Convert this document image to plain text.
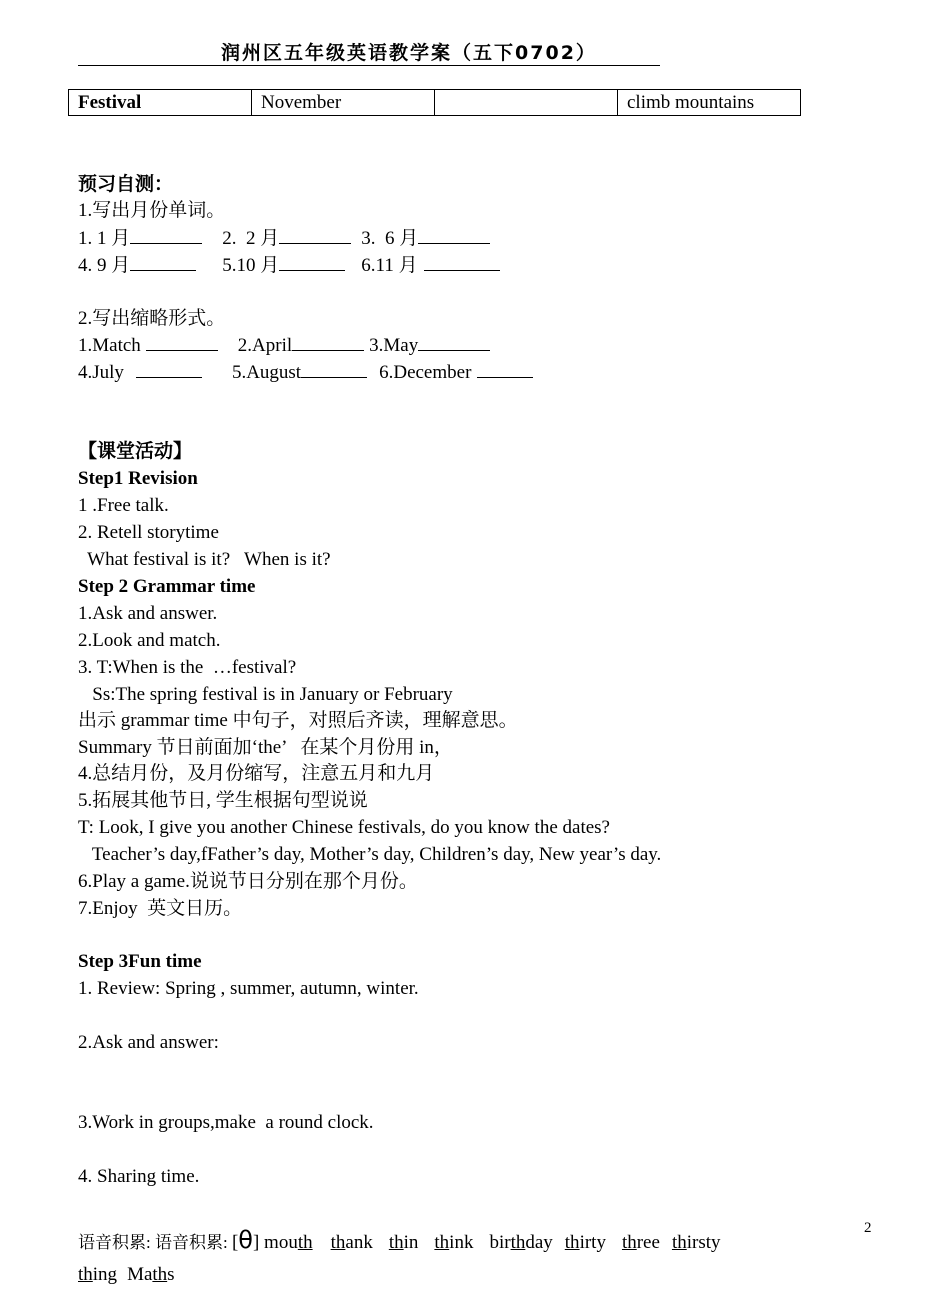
润州区五年级英语教学案（五下0702）
Festival	November		climb mountains
预习自测：
1.写出月份单词。
1. 1 月	2.  2 月	3.  6 月
4. 9 月	5.10 月	6.11 月
2.写出缩略形式。
1.Match	2.April	3.May
4.July	5.August	6.December
【课堂活动】
Step1 Revision
1 .Free talk.
2. Retell storytime
What festival is it?   When is it?
Step 2 Grammar time
1.Ask and answer.
2.Look and match.
3. T:When is the  …festival?
Ss:The spring festival is in January or February
出示 grammar time 中句子，对照后齐读，理解意思。
Summary 节日前面加‘the’   在某个月份用 in，
4.总结月份，及月份缩写，注意五月和九月
5.拓展其他节日, 学生根据句型说说
T: Look, I give you another Chinese festivals, do you know the dates?
Teacher’s day,fFather’s day, Mother’s day, Children’s day, New year’s day.
6.Play a game.说说节日分别在那个月份。
7.Enjoy  英文日历。
Step 3Fun time
1. Review: Spring , summer, autumn, winter.
2.Ask and answer:
3.Work in groups,make  a round clock.
4. Sharing time.
语音积累: 语音积累: [θ] mouth thank thin think birthday thirty three thirsty
thing Maths
2
